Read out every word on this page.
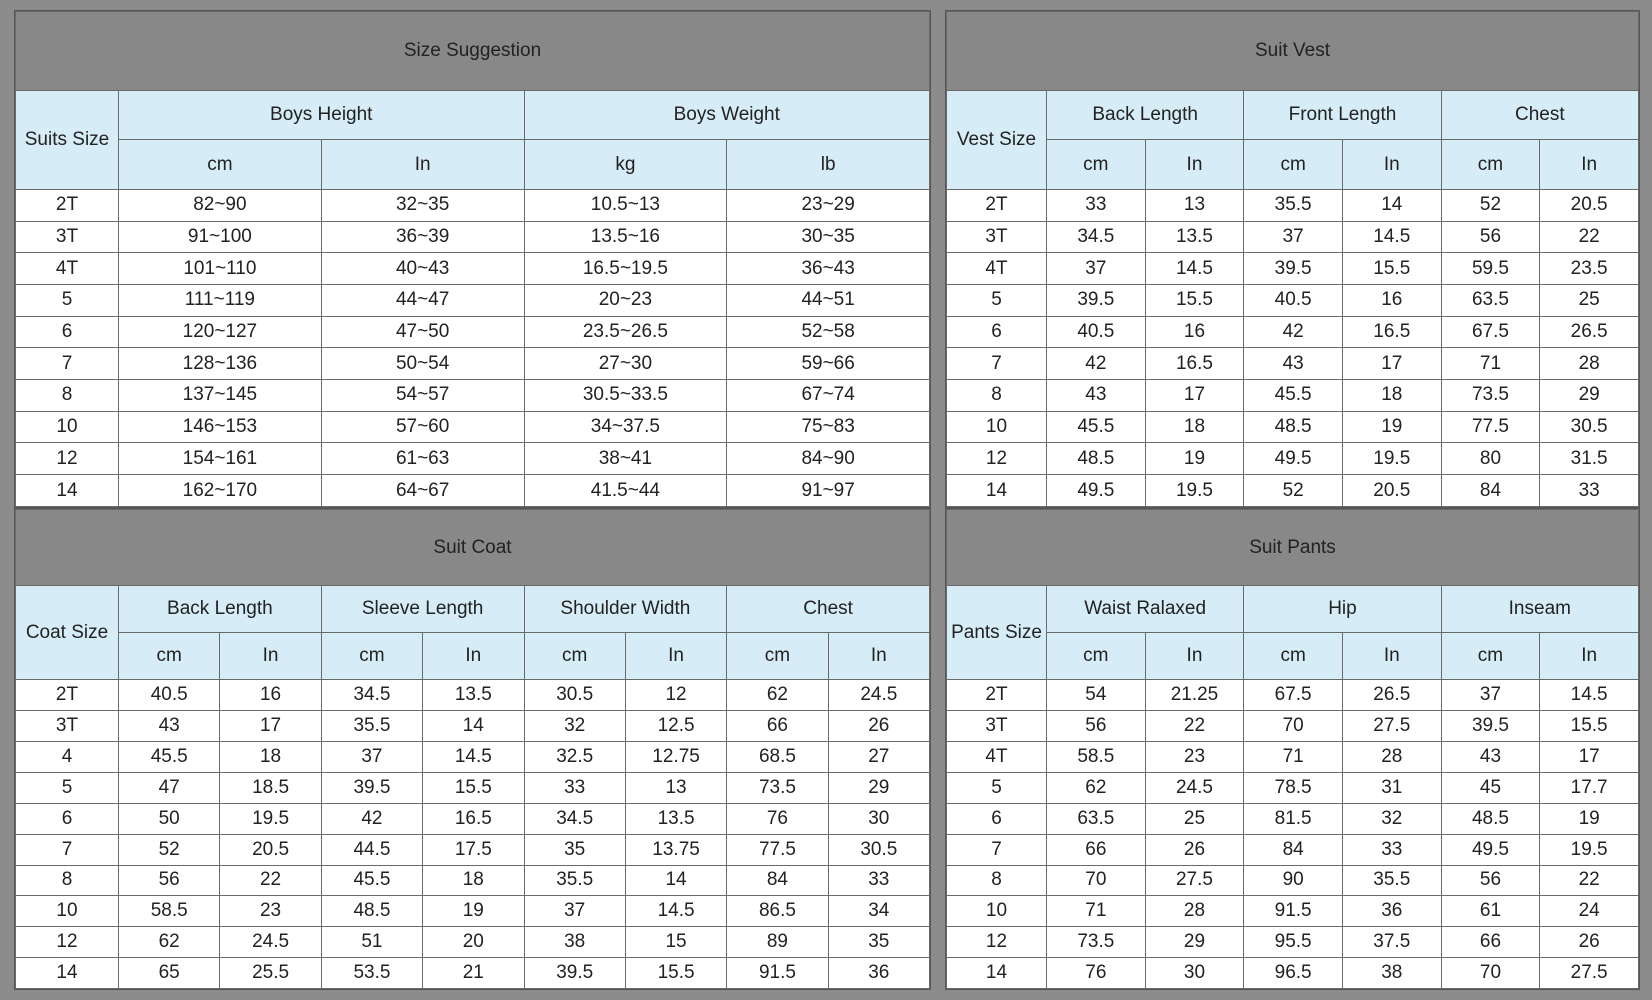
Size Suggestion				
Suits Size	Boys Height		Boys Weight	
	cm	In	kg	lb
2T	82~90	32~35	10.5~13	23~29
3T	91~100	36~39	13.5~16	30~35
4T	101~110	40~43	16.5~19.5	36~43
5	111~119	44~47	20~23	44~51
6	120~127	47~50	23.5~26.5	52~58
7	128~136	50~54	27~30	59~66
8	137~145	54~57	30.5~33.5	67~74
10	146~153	57~60	34~37.5	75~83
12	154~161	61~63	38~41	84~90
14	162~170	64~67	41.5~44	91~97
Suit Vest						
Vest Size	Back Length		Front Length		Chest	
	cm	In	cm	In	cm	In
2T	33	13	35.5	14	52	20.5
3T	34.5	13.5	37	14.5	56	22
4T	37	14.5	39.5	15.5	59.5	23.5
5	39.5	15.5	40.5	16	63.5	25
6	40.5	16	42	16.5	67.5	26.5
7	42	16.5	43	17	71	28
8	43	17	45.5	18	73.5	29
10	45.5	18	48.5	19	77.5	30.5
12	48.5	19	49.5	19.5	80	31.5
14	49.5	19.5	52	20.5	84	33
Suit Coat								
Coat Size	Back Length		Sleeve Length		Shoulder Width		Chest	
	cm	In	cm	In	cm	In	cm	In
2T	40.5	16	34.5	13.5	30.5	12	62	24.5
3T	43	17	35.5	14	32	12.5	66	26
4	45.5	18	37	14.5	32.5	12.75	68.5	27
5	47	18.5	39.5	15.5	33	13	73.5	29
6	50	19.5	42	16.5	34.5	13.5	76	30
7	52	20.5	44.5	17.5	35	13.75	77.5	30.5
8	56	22	45.5	18	35.5	14	84	33
10	58.5	23	48.5	19	37	14.5	86.5	34
12	62	24.5	51	20	38	15	89	35
14	65	25.5	53.5	21	39.5	15.5	91.5	36
Suit Pants						
Pants Size	Waist Ralaxed		Hip		Inseam	
	cm	In	cm	In	cm	In
2T	54	21.25	67.5	26.5	37	14.5
3T	56	22	70	27.5	39.5	15.5
4T	58.5	23	71	28	43	17
5	62	24.5	78.5	31	45	17.7
6	63.5	25	81.5	32	48.5	19
7	66	26	84	33	49.5	19.5
8	70	27.5	90	35.5	56	22
10	71	28	91.5	36	61	24
12	73.5	29	95.5	37.5	66	26
14	76	30	96.5	38	70	27.5
